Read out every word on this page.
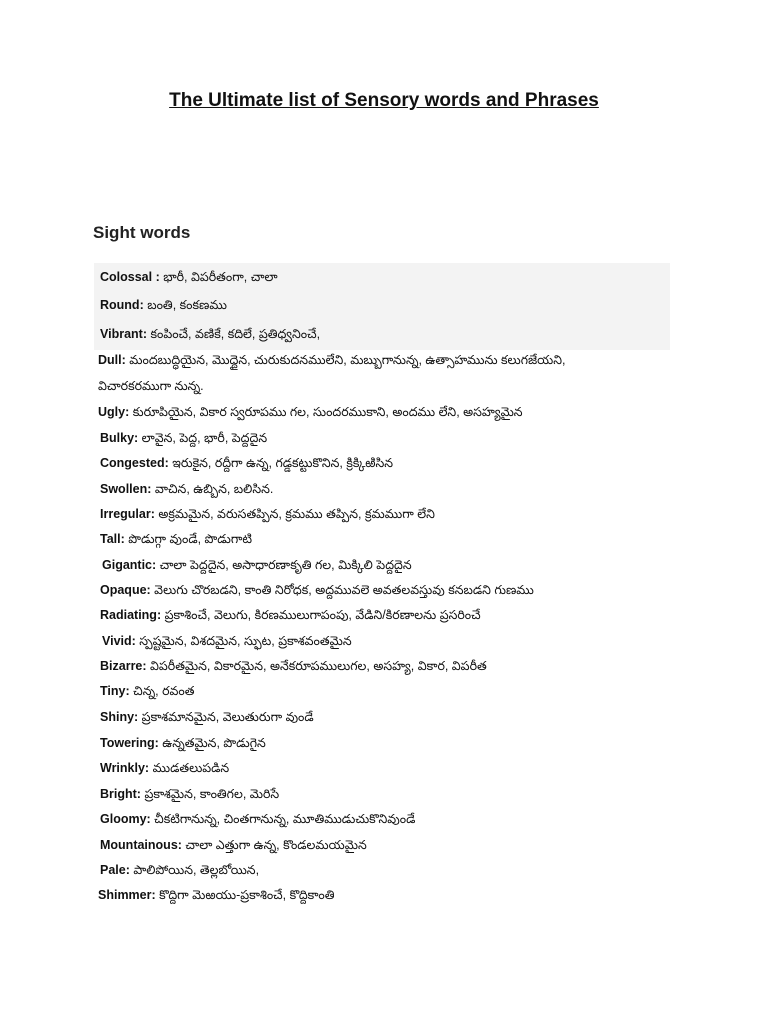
The Ultimate list of Sensory words and Phrases
Sight words
Colossal : భారీ, విపరీతంగా, చాలా
Round: బంతి, కంకణము
Vibrant: కంపించే, వణికే, కదిలే, ప్రతిధ్వనించే,
Dull: మందబుద్ధియైన, మొద్దైన, చురుకుదనములేని, మబ్బుగానున్న, ఉత్సాహమును కలుగజేయని,
విచారకరముగా నున్న.
Ugly: కురూపియైన, వికార స్వరూపము గల, సుందరముకాని, అందము లేని, అసహ్యమైన
Bulky: లావైన, పెద్ద, భారీ, పెద్దదైన
Congested: ఇరుకైన, రద్దీగా ఉన్న, గడ్డకట్టుకొనిన, క్రిక్కిఱిసిన
Swollen: వాచిన, ఉబ్బిన, బలిసిన.
Irregular: అక్రమమైన, వరుసతప్పిన, క్రమము తప్పిన, క్రమముగా లేని
Tall: పొడుగ్గా వుండే, పొడుగాటి
Gigantic: చాలా పెద్దదైన, అసాధారణాకృతి గల, మిక్కిలి పెద్దదైన
Opaque: వెలుగు చొరబడని, కాంతి నిరోధక, అద్దమువలె అవతలవస్తువు కనబడని గుణము
Radiating: ప్రకాశించే, వెలుగు, కిరణములుగాపంపు, వేడిని/కిరణాలను ప్రసరించే
Vivid: స్పష్టమైన, విశదమైన, స్ఫుట, ప్రకాశవంతమైన
Bizarre: విపరీతమైన, వికారమైన, అనేకరూపములుగల, అసహ్య, వికార, విపరీత
Tiny: చిన్న, రవంత
Shiny: ప్రకాశమానమైన, వెలుతురుగా వుండే
Towering: ఉన్నతమైన, పొడుగైన
Wrinkly: ముడతలుపడిన
Bright: ప్రకాశమైన, కాంతిగల, మెరిసే
Gloomy: చీకటిగానున్న, చింతగానున్న, మూతిముడుచుకొనివుండే
Mountainous: చాలా ఎత్తుగా ఉన్న, కొండలమయమైన
Pale: పాలిపోయిన, తెల్లబోయిన,
Shimmer: కొద్దిగా మెఱయు-ప్రకాశించే, కొద్దికాంతి
